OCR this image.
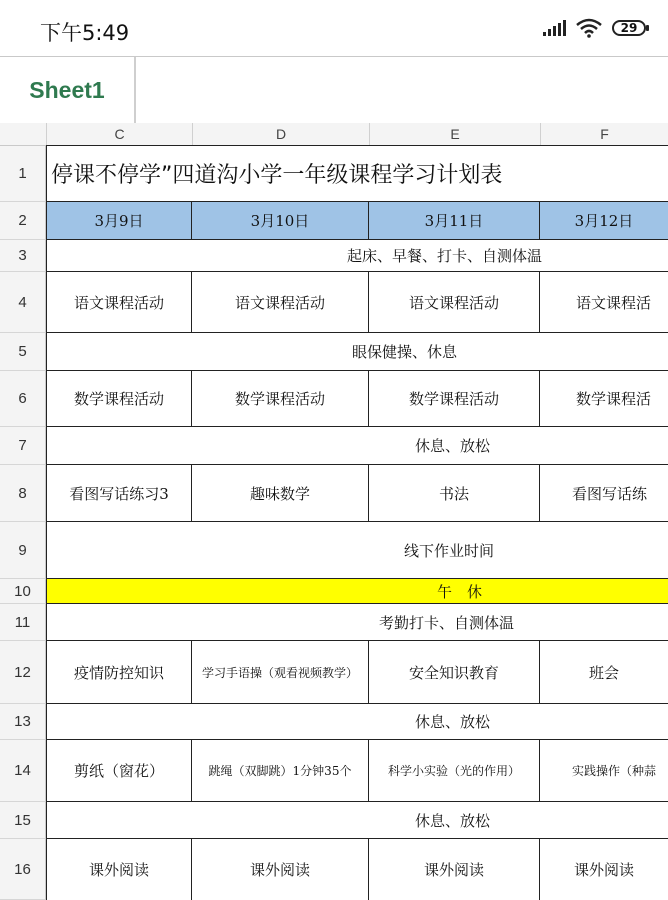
下午5:49	29
Sheet1
C	D	E	F
1
2
3
4
5
6
7
8
9
10
11
12
13
14
15
16
停课不停学”四道沟小学一年级课程学习计划表
3月9日	3月10日	3月11日	3月12日
起床、早餐、打卡、自测体温
语文课程活动	语文课程活动	语文课程活动	语文课程活
眼保健操、休息
数学课程活动	数学课程活动	数学课程活动	数学课程活
休息、放松
看图写话练习3	趣味数学	书法	看图写话练
线下作业时间
午　休
考勤打卡、自测体温
疫情防控知识	学习手语操（观看视频教学）	安全知识教育	班会
休息、放松
剪纸（窗花）	跳绳（双脚跳）1分钟35个	科学小实验（光的作用）	实践操作（种蒜
休息、放松
课外阅读	课外阅读	课外阅读	课外阅读
